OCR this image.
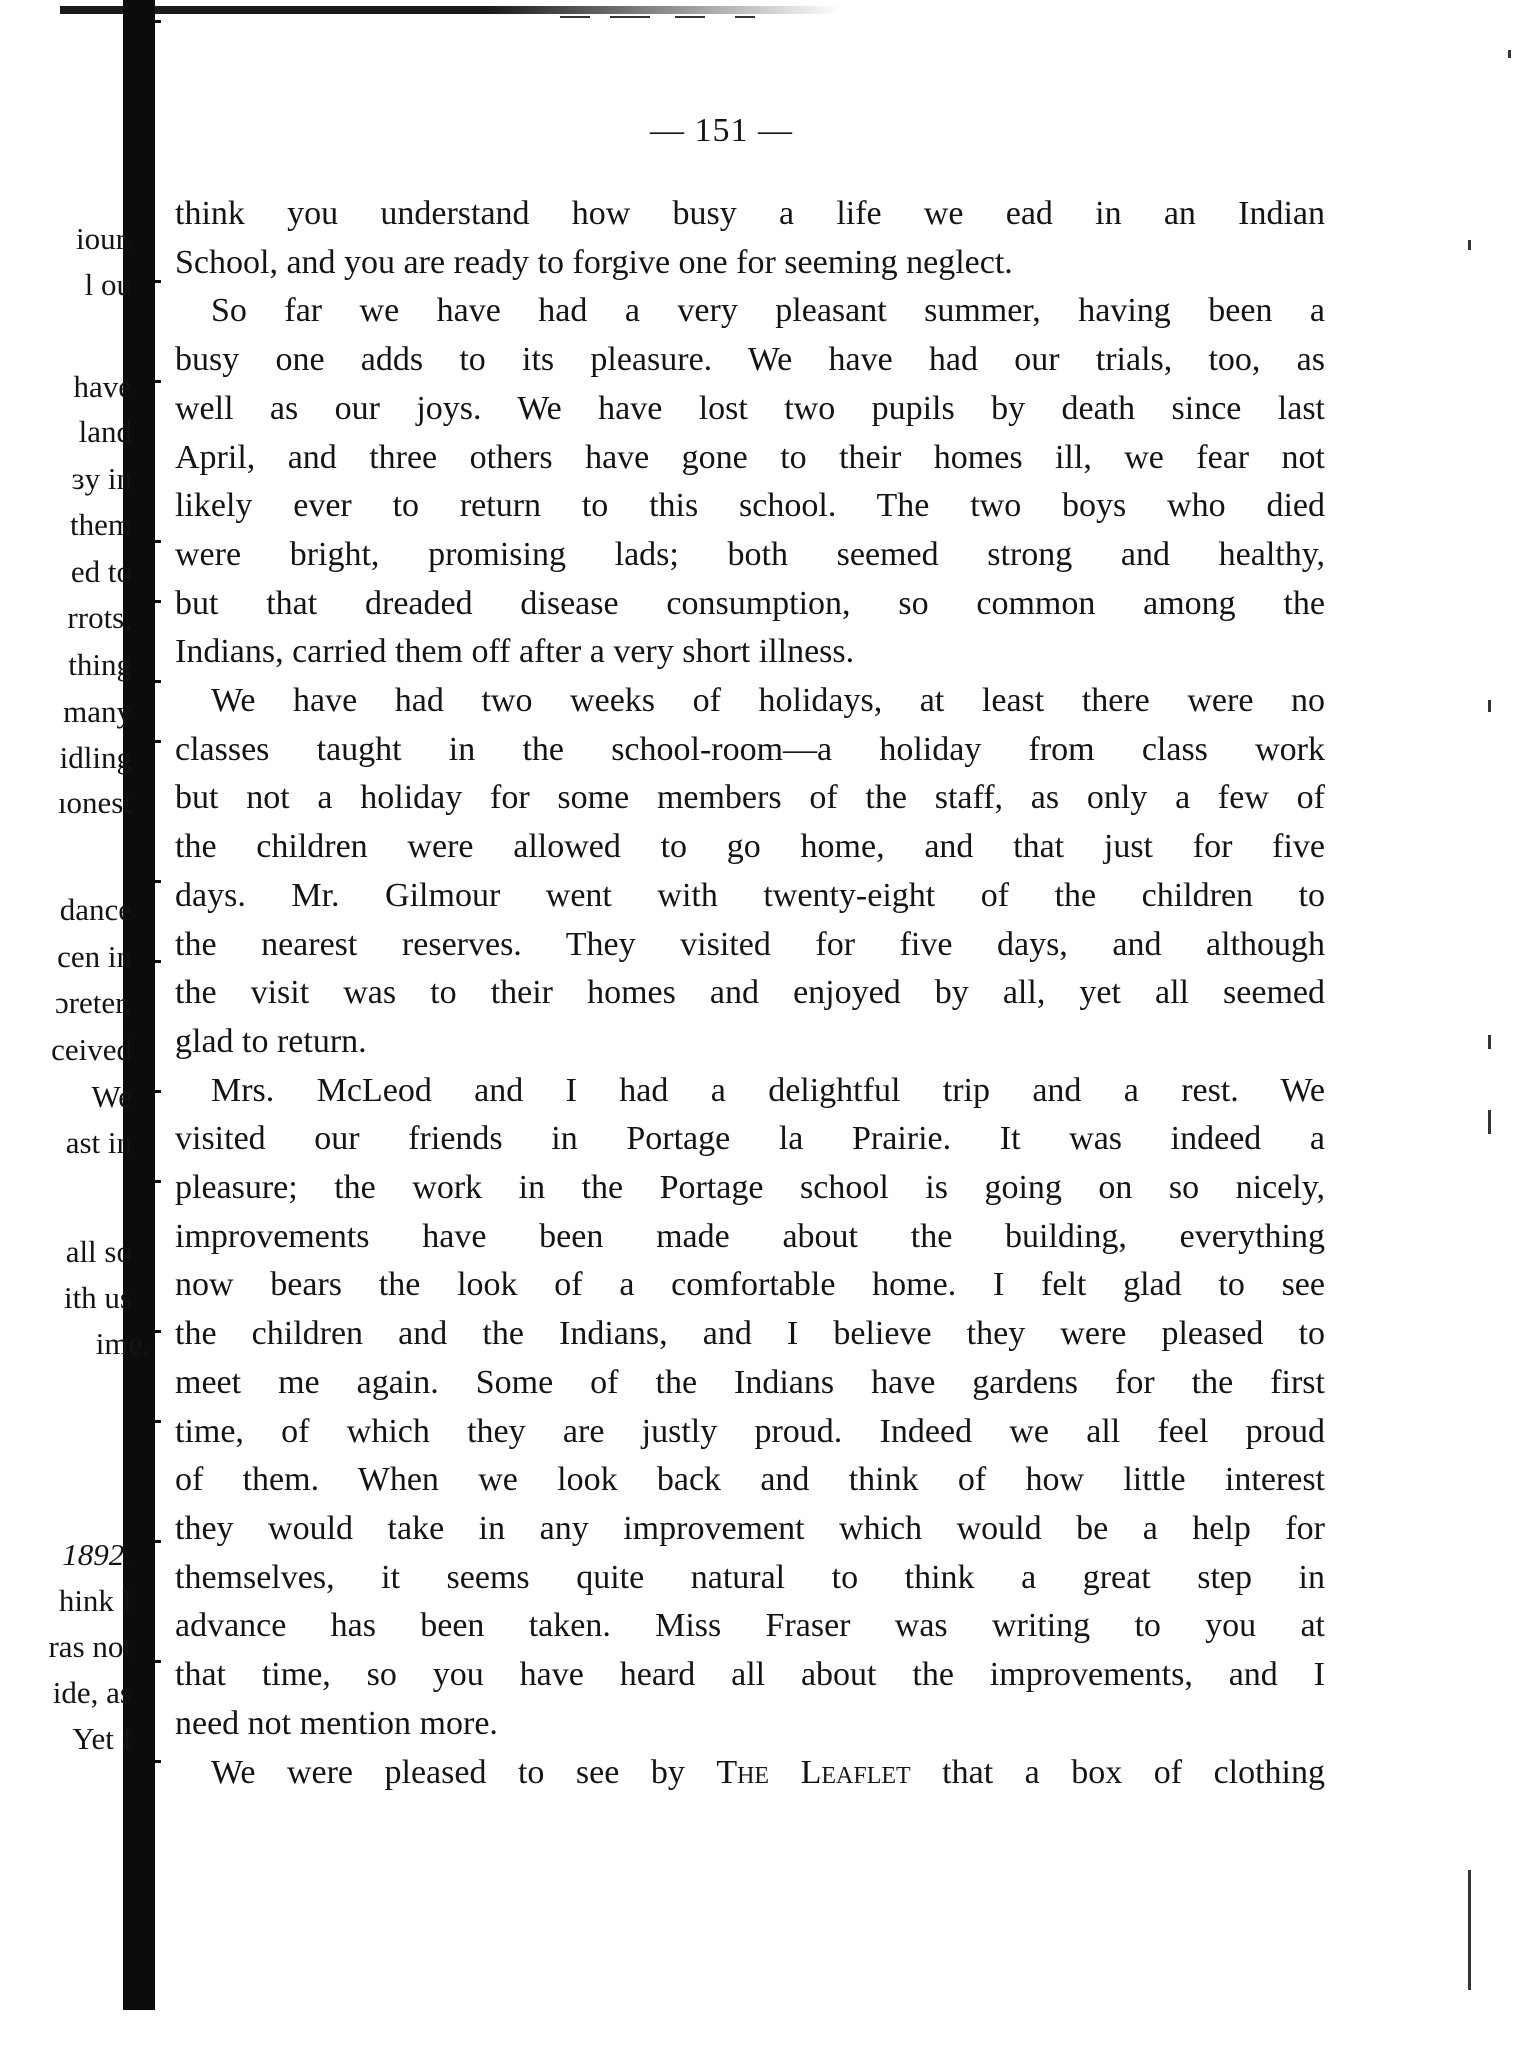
— 151 —
iour.
l ou
have
land
ɜy in
them
ed to
rrots,
thing
many
idling
ıonest
dance
cen in
ɔreter,
ceived
We
ast in
all so
ith us
ime.
1892.
hink I
ras not
ide, as
Yet I

think you understand how busy a life we ead in an Indian
School, and you are ready to forgive one for seeming neglect.

So far we have had a very pleasant summer, having been a
busy one adds to its pleasure. We have had our trials, too, as
well as our joys. We have lost two pupils by death since last
April, and three others have gone to their homes ill, we fear not
likely ever to return to this school. The two boys who died
were bright, promising lads; both seemed strong and healthy,
but that dreaded disease consumption, so common among the
Indians, carried them off after a very short illness.

We have had two weeks of holidays, at least there were no
classes taught in the school-room—a holiday from class work
but not a holiday for some members of the staff, as only a few of
the children were allowed to go home, and that just for five
days. Mr. Gilmour went with twenty-eight of the children to
the nearest reserves. They visited for five days, and although
the visit was to their homes and enjoyed by all, yet all seemed
glad to return.

Mrs. McLeod and I had a delightful trip and a rest. We
visited our friends in Portage la Prairie. It was indeed a
pleasure; the work in the Portage school is going on so nicely,
improvements have been made about the building, everything
now bears the look of a comfortable home. I felt glad to see
the children and the Indians, and I believe they were pleased to
meet me again. Some of the Indians have gardens for the first
time, of which they are justly proud. Indeed we all feel proud
of them. When we look back and think of how little interest
they would take in any improvement which would be a help for
themselves, it seems quite natural to think a great step in
advance has been taken. Miss Fraser was writing to you at
that time, so you have heard all about the improvements, and I
need not mention more.

We were pleased to see by The Leaflet that a box of clothing
